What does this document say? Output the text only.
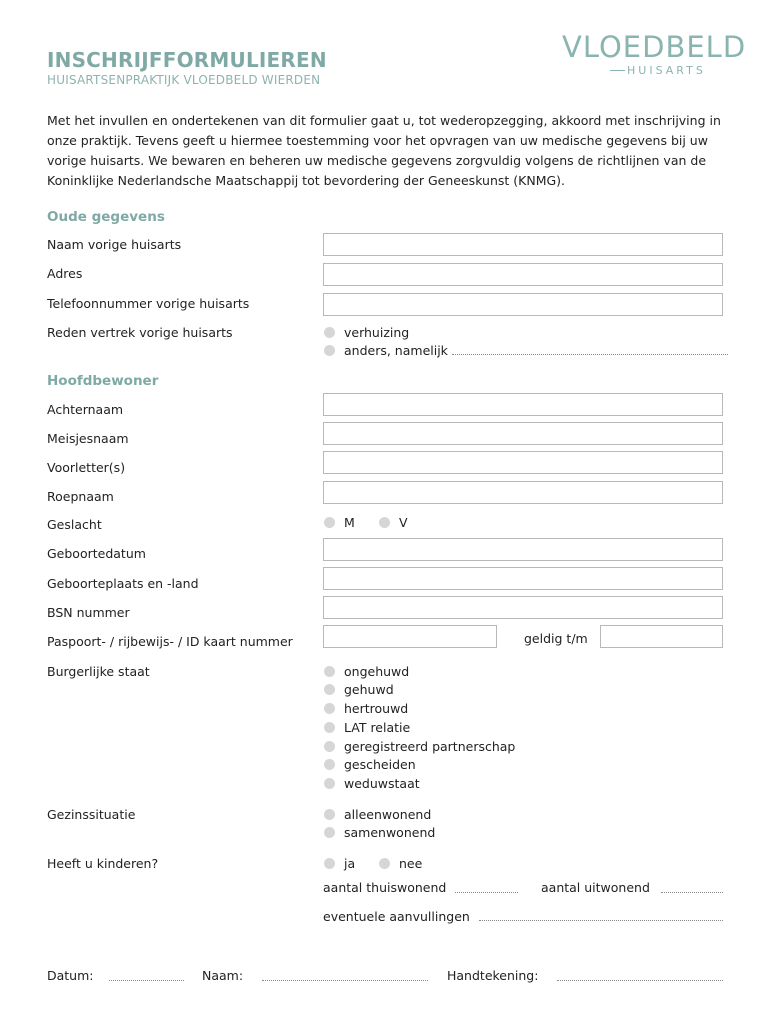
INSCHRIJFFORMULIEREN
HUISARTSENPRAKTIJK VLOEDBELD WIERDEN
VLOEDBELD
HUISARTS
Met het invullen en ondertekenen van dit formulier gaat u, tot wederopzegging, akkoord met inschrijving in onze praktijk. Tevens geeft u hiermee toestemming voor het opvragen van uw medische gegevens bij uw vorige huisarts. We bewaren en beheren uw medische gegevens zorgvuldig volgens de richtlijnen van de Koninklijke Nederlandsche Maatschappij tot bevordering der Geneeskunst (KNMG).
Oude gegevens
Naam vorige huisarts
Adres
Telefoonnummer vorige huisarts
Reden vertrek vorige huisarts	verhuizing
anders, namelijk
Hoofdbewoner
Achternaam
Meisjesnaam
Voorletter(s)
Roepnaam
Geslacht	M	V
Geboortedatum
Geboorteplaats en -land
BSN nummer
Paspoort- / rijbewijs- / ID kaart nummer	geldig t/m
Burgerlijke staat	ongehuwd
gehuwd
hertrouwd
LAT relatie
geregistreerd partnerschap
gescheiden
weduwstaat
Gezinssituatie	alleenwonend
samenwonend
Heeft u kinderen?	ja	nee
aantal thuiswonend	aantal uitwonend
eventuele aanvullingen
Datum:	Naam:	Handtekening:
